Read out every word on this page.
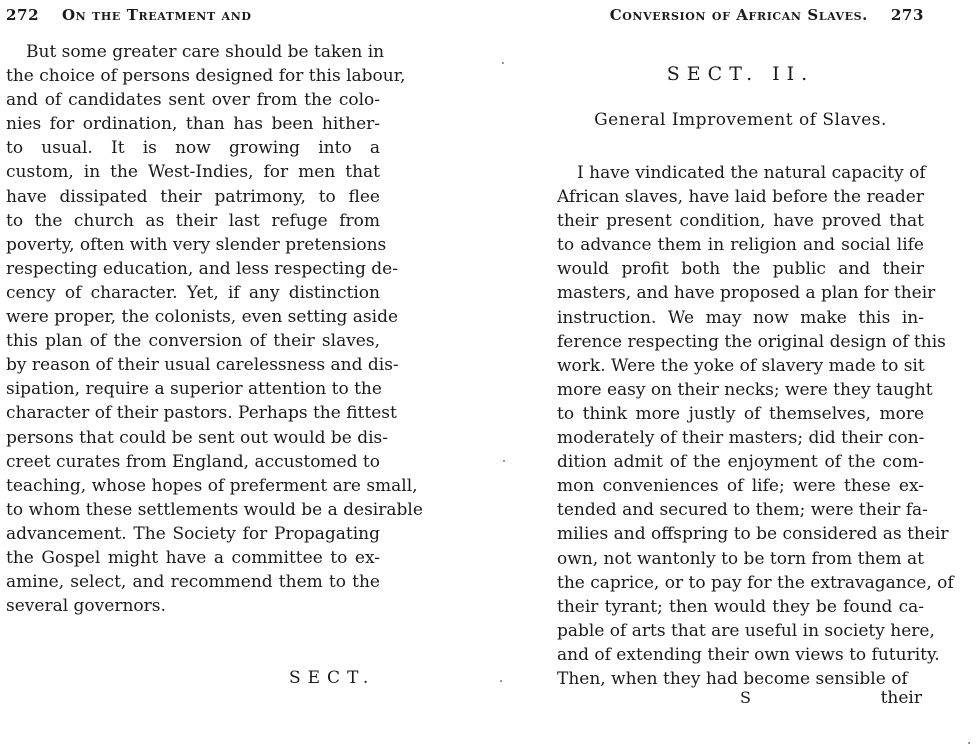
272 On the Treatment and
But some greater care should be taken in
the choice of persons designed for this labour,
and of candidates sent over from the colo-
nies for ordination, than has been hither-
to usual. It is now growing into a
custom, in the West-Indies, for men that
have dissipated their patrimony, to flee
to the church as their last refuge from
poverty, often with very slender pretensions
respecting education, and less respecting de-
cency of character. Yet, if any distinction
were proper, the colonists, even setting aside
this plan of the conversion of their slaves,
by reason of their usual carelessness and dis-
sipation, require a superior attention to the
character of their pastors. Perhaps the fittest
persons that could be sent out would be dis-
creet curates from England, accustomed to
teaching, whose hopes of preferment are small,
to whom these settlements would be a desirable
advancement. The Society for Propagating
the Gospel might have a committee to ex-
amine, select, and recommend them to the
several governors.
SECT.
Conversion of African Slaves. 273
SECT. II.
General Improvement of Slaves.
I have vindicated the natural capacity of
African slaves, have laid before the reader
their present condition, have proved that
to advance them in religion and social life
would profit both the public and their
masters, and have proposed a plan for their
instruction. We may now make this in-
ference respecting the original design of this
work. Were the yoke of slavery made to sit
more easy on their necks; were they taught
to think more justly of themselves, more
moderately of their masters; did their con-
dition admit of the enjoyment of the com-
mon conveniences of life; were these ex-
tended and secured to them; were their fa-
milies and offspring to be considered as their
own, not wantonly to be torn from them at
the caprice, or to pay for the extravagance, of
their tyrant; then would they be found ca-
pable of arts that are useful in society here,
and of extending their own views to futurity.
Then, when they had become sensible of
S	their
